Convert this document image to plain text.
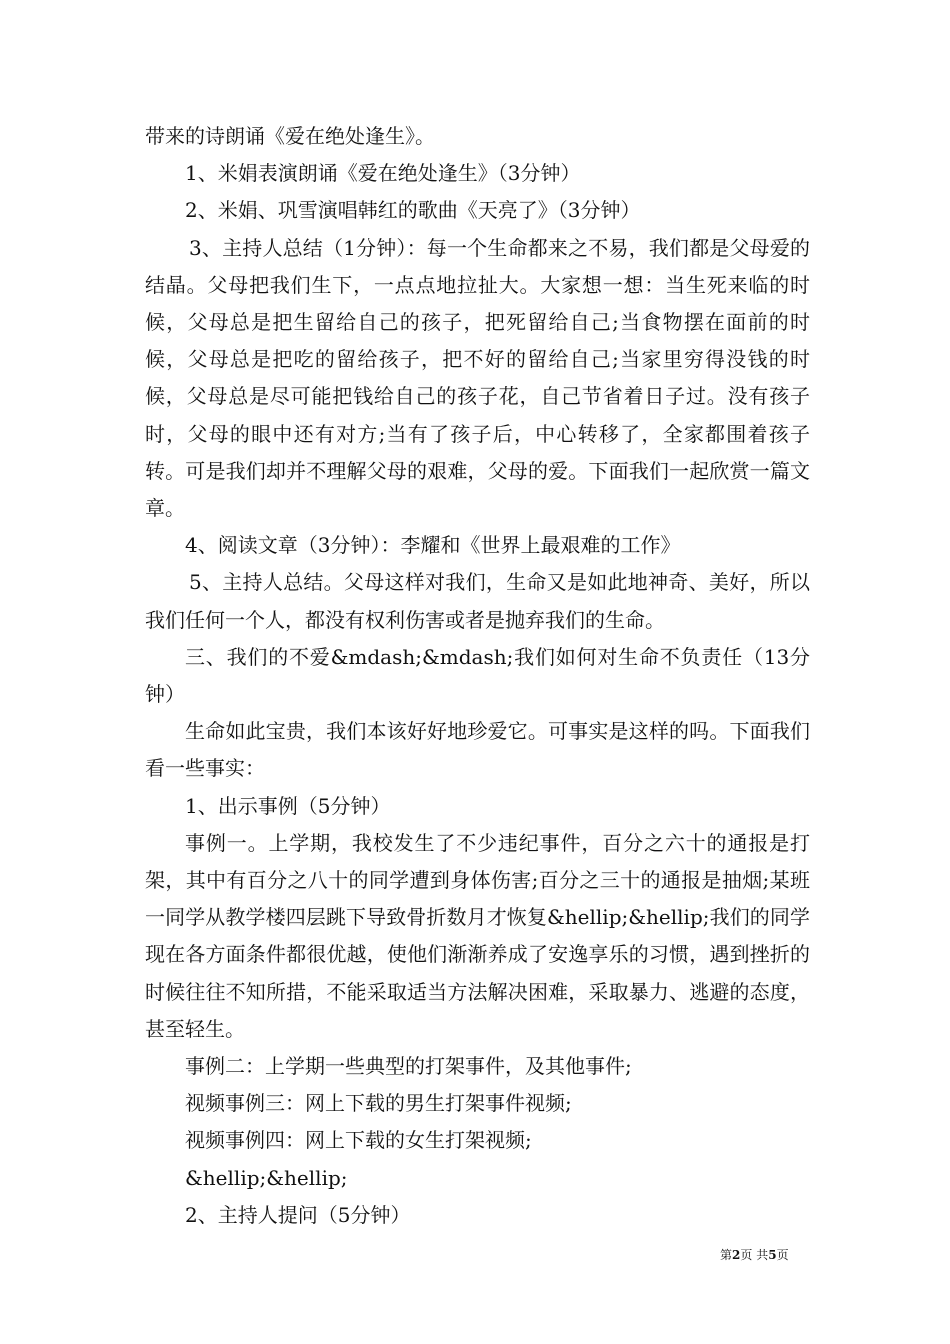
带来的诗朗诵《爱在绝处逢生》。

1、米娟表演朗诵《爱在绝处逢生》（3分钟）

2、米娟、巩雪演唱韩红的歌曲《天亮了》（3分钟）

3、主持人总结（1分钟）：每一个生命都来之不易，我们都是父母爱的结晶。父母把我们生下，一点点地拉扯大。大家想一想：当生死来临的时候，父母总是把生留给自己的孩子，把死留给自己;当食物摆在面前的时候，父母总是把吃的留给孩子，把不好的留给自己;当家里穷得没钱的时候，父母总是尽可能把钱给自己的孩子花，自己节省着日子过。没有孩子时，父母的眼中还有对方;当有了孩子后，中心转移了，全家都围着孩子转。可是我们却并不理解父母的艰难，父母的爱。下面我们一起欣赏一篇文章。

4、阅读文章（3分钟）：李耀和《世界上最艰难的工作》

5、主持人总结。父母这样对我们，生命又是如此地神奇、美好，所以我们任何一个人，都没有权利伤害或者是抛弃我们的生命。

三、我们的不爱&mdash;&mdash;我们如何对生命不负责任（13分钟）

生命如此宝贵，我们本该好好地珍爱它。可事实是这样的吗。下面我们看一些事实：

1、出示事例（5分钟）

事例一。上学期，我校发生了不少违纪事件，百分之六十的通报是打架，其中有百分之八十的同学遭到身体伤害;百分之三十的通报是抽烟;某班一同学从教学楼四层跳下导致骨折数月才恢复&hellip;&hellip;我们的同学现在各方面条件都很优越，使他们渐渐养成了安逸享乐的习惯，遇到挫折的时候往往不知所措，不能采取适当方法解决困难，采取暴力、逃避的态度，甚至轻生。

事例二：上学期一些典型的打架事件，及其他事件;

视频事例三：网上下载的男生打架事件视频;

视频事例四：网上下载的女生打架视频;

&hellip;&hellip;

2、主持人提问（5分钟）

第2页 共5页
